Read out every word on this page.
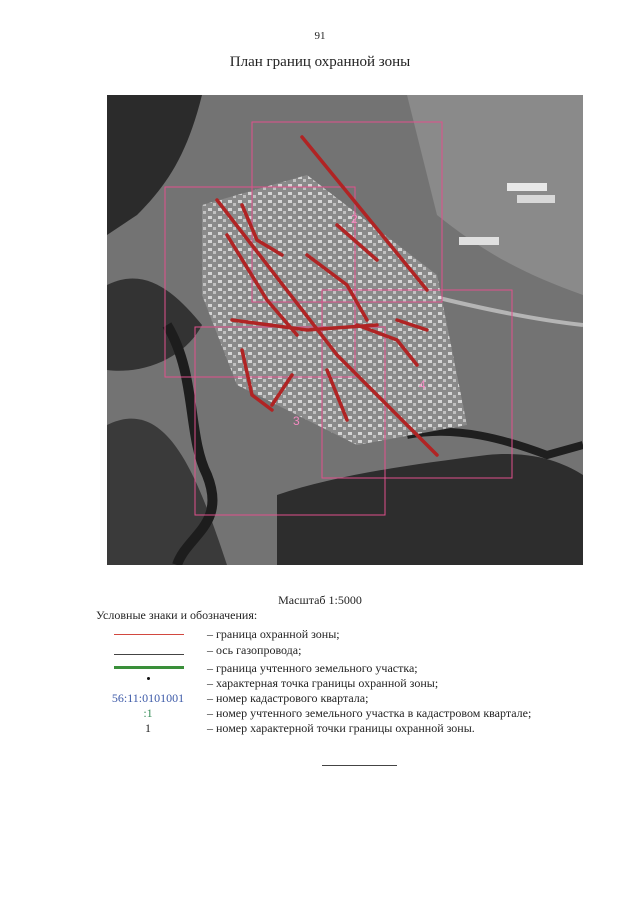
91
План границ охранной зоны
2
3
4
Масштаб 1:5000
Условные знаки и обозначения:
– граница охранной зоны;
– ось газопровода;
– граница учтенного земельного участка;
– характерная точка границы охранной зоны;
56:11:0101001	– номер кадастрового квартала;
:1	– номер учтенного земельного участка в кадастровом квартале;
1	– номер характерной точки границы охранной зоны.
